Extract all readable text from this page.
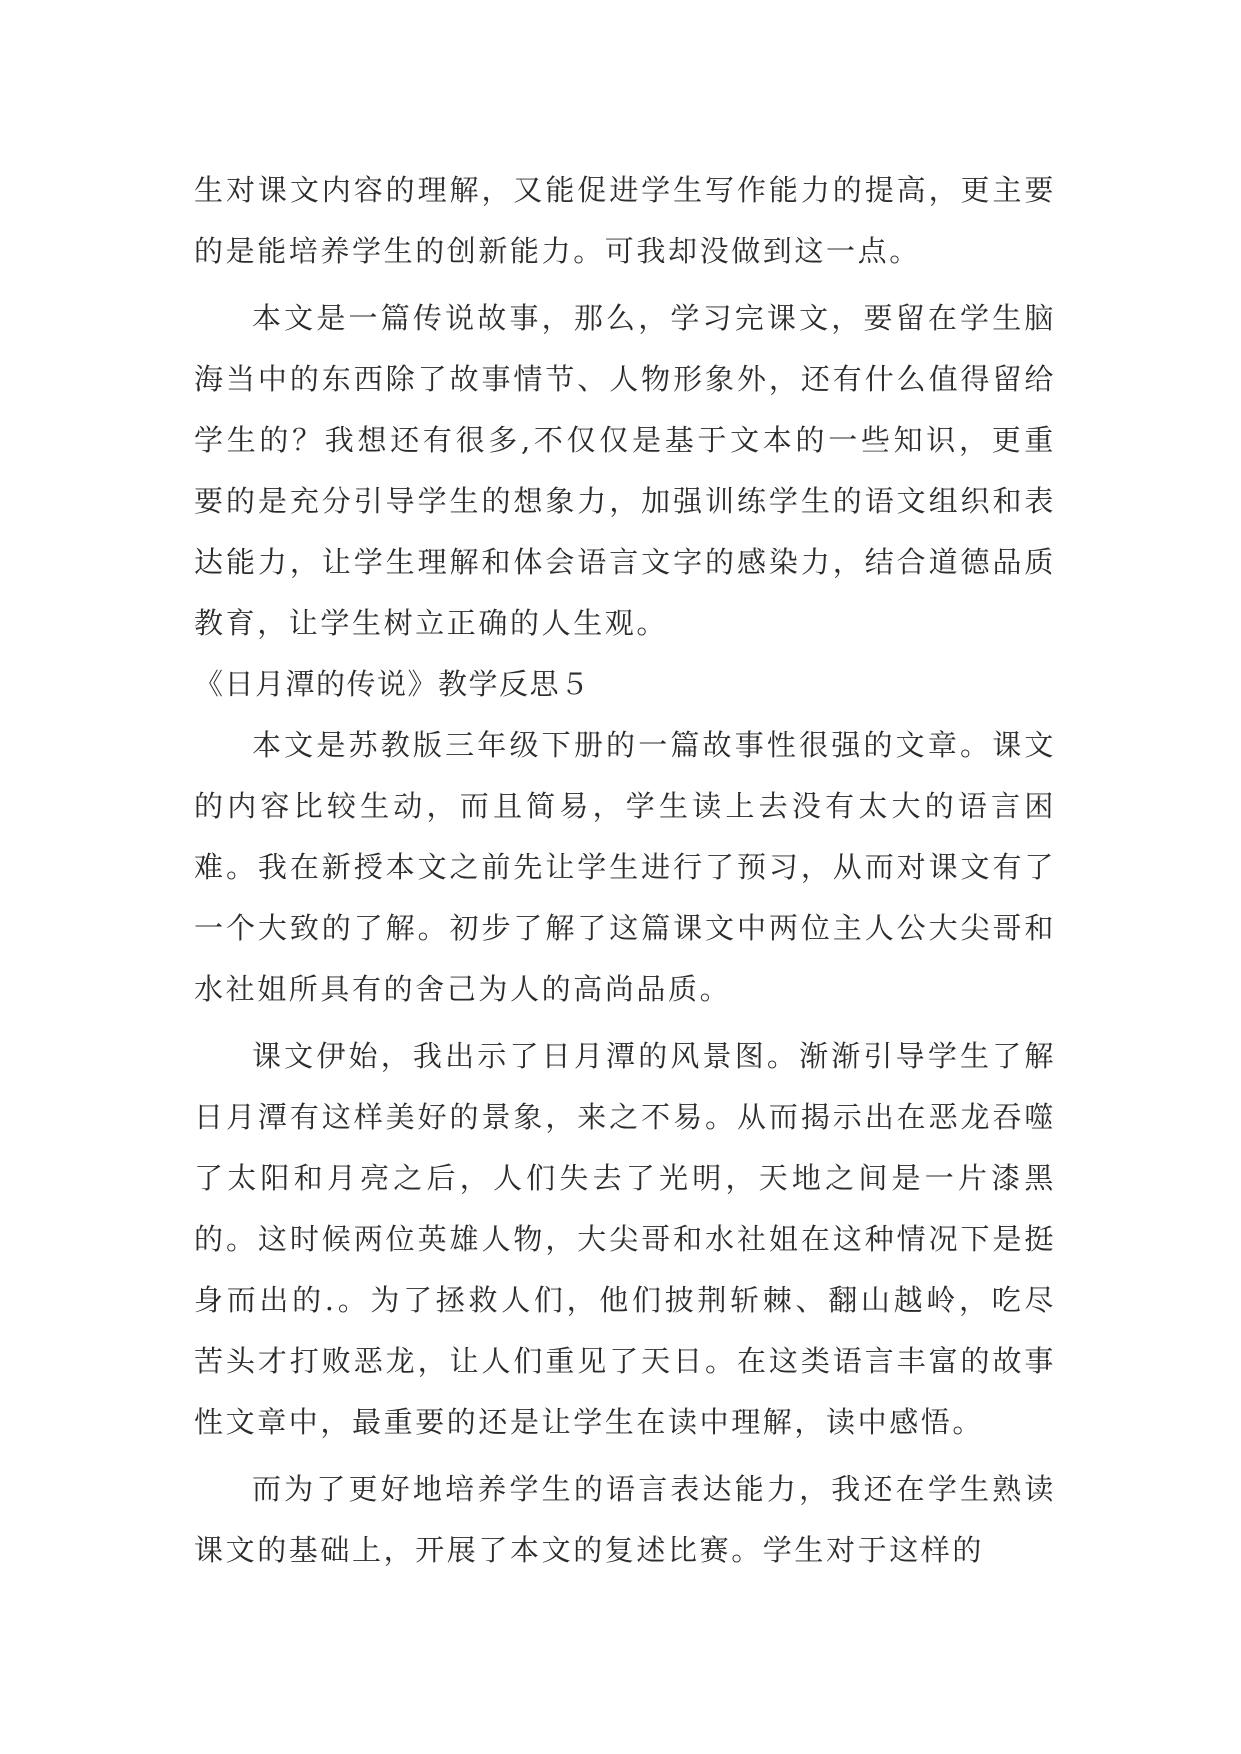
生对课文内容的理解，又能促进学生写作能力的提高，更主要的是能培养学生的创新能力。可我却没做到这一点。

本文是一篇传说故事，那么，学习完课文，要留在学生脑海当中的东西除了故事情节、人物形象外，还有什么值得留给学生的？我想还有很多,不仅仅是基于文本的一些知识，更重要的是充分引导学生的想象力，加强训练学生的语文组织和表达能力，让学生理解和体会语言文字的感染力，结合道德品质教育，让学生树立正确的人生观。

《日月潭的传说》教学反思５

本文是苏教版三年级下册的一篇故事性很强的文章。课文的内容比较生动，而且简易，学生读上去没有太大的语言困难。我在新授本文之前先让学生进行了预习，从而对课文有了一个大致的了解。初步了解了这篇课文中两位主人公大尖哥和水社姐所具有的舍己为人的高尚品质。

课文伊始，我出示了日月潭的风景图。渐渐引导学生了解日月潭有这样美好的景象，来之不易。从而揭示出在恶龙吞噬了太阳和月亮之后，人们失去了光明，天地之间是一片漆黑的。这时候两位英雄人物，大尖哥和水社姐在这种情况下是挺身而出的.。为了拯救人们，他们披荆斩棘、翻山越岭，吃尽苦头才打败恶龙，让人们重见了天日。在这类语言丰富的故事性文章中，最重要的还是让学生在读中理解，读中感悟。

而为了更好地培养学生的语言表达能力，我还在学生熟读课文的基础上，开展了本文的复述比赛。学生对于这样的
